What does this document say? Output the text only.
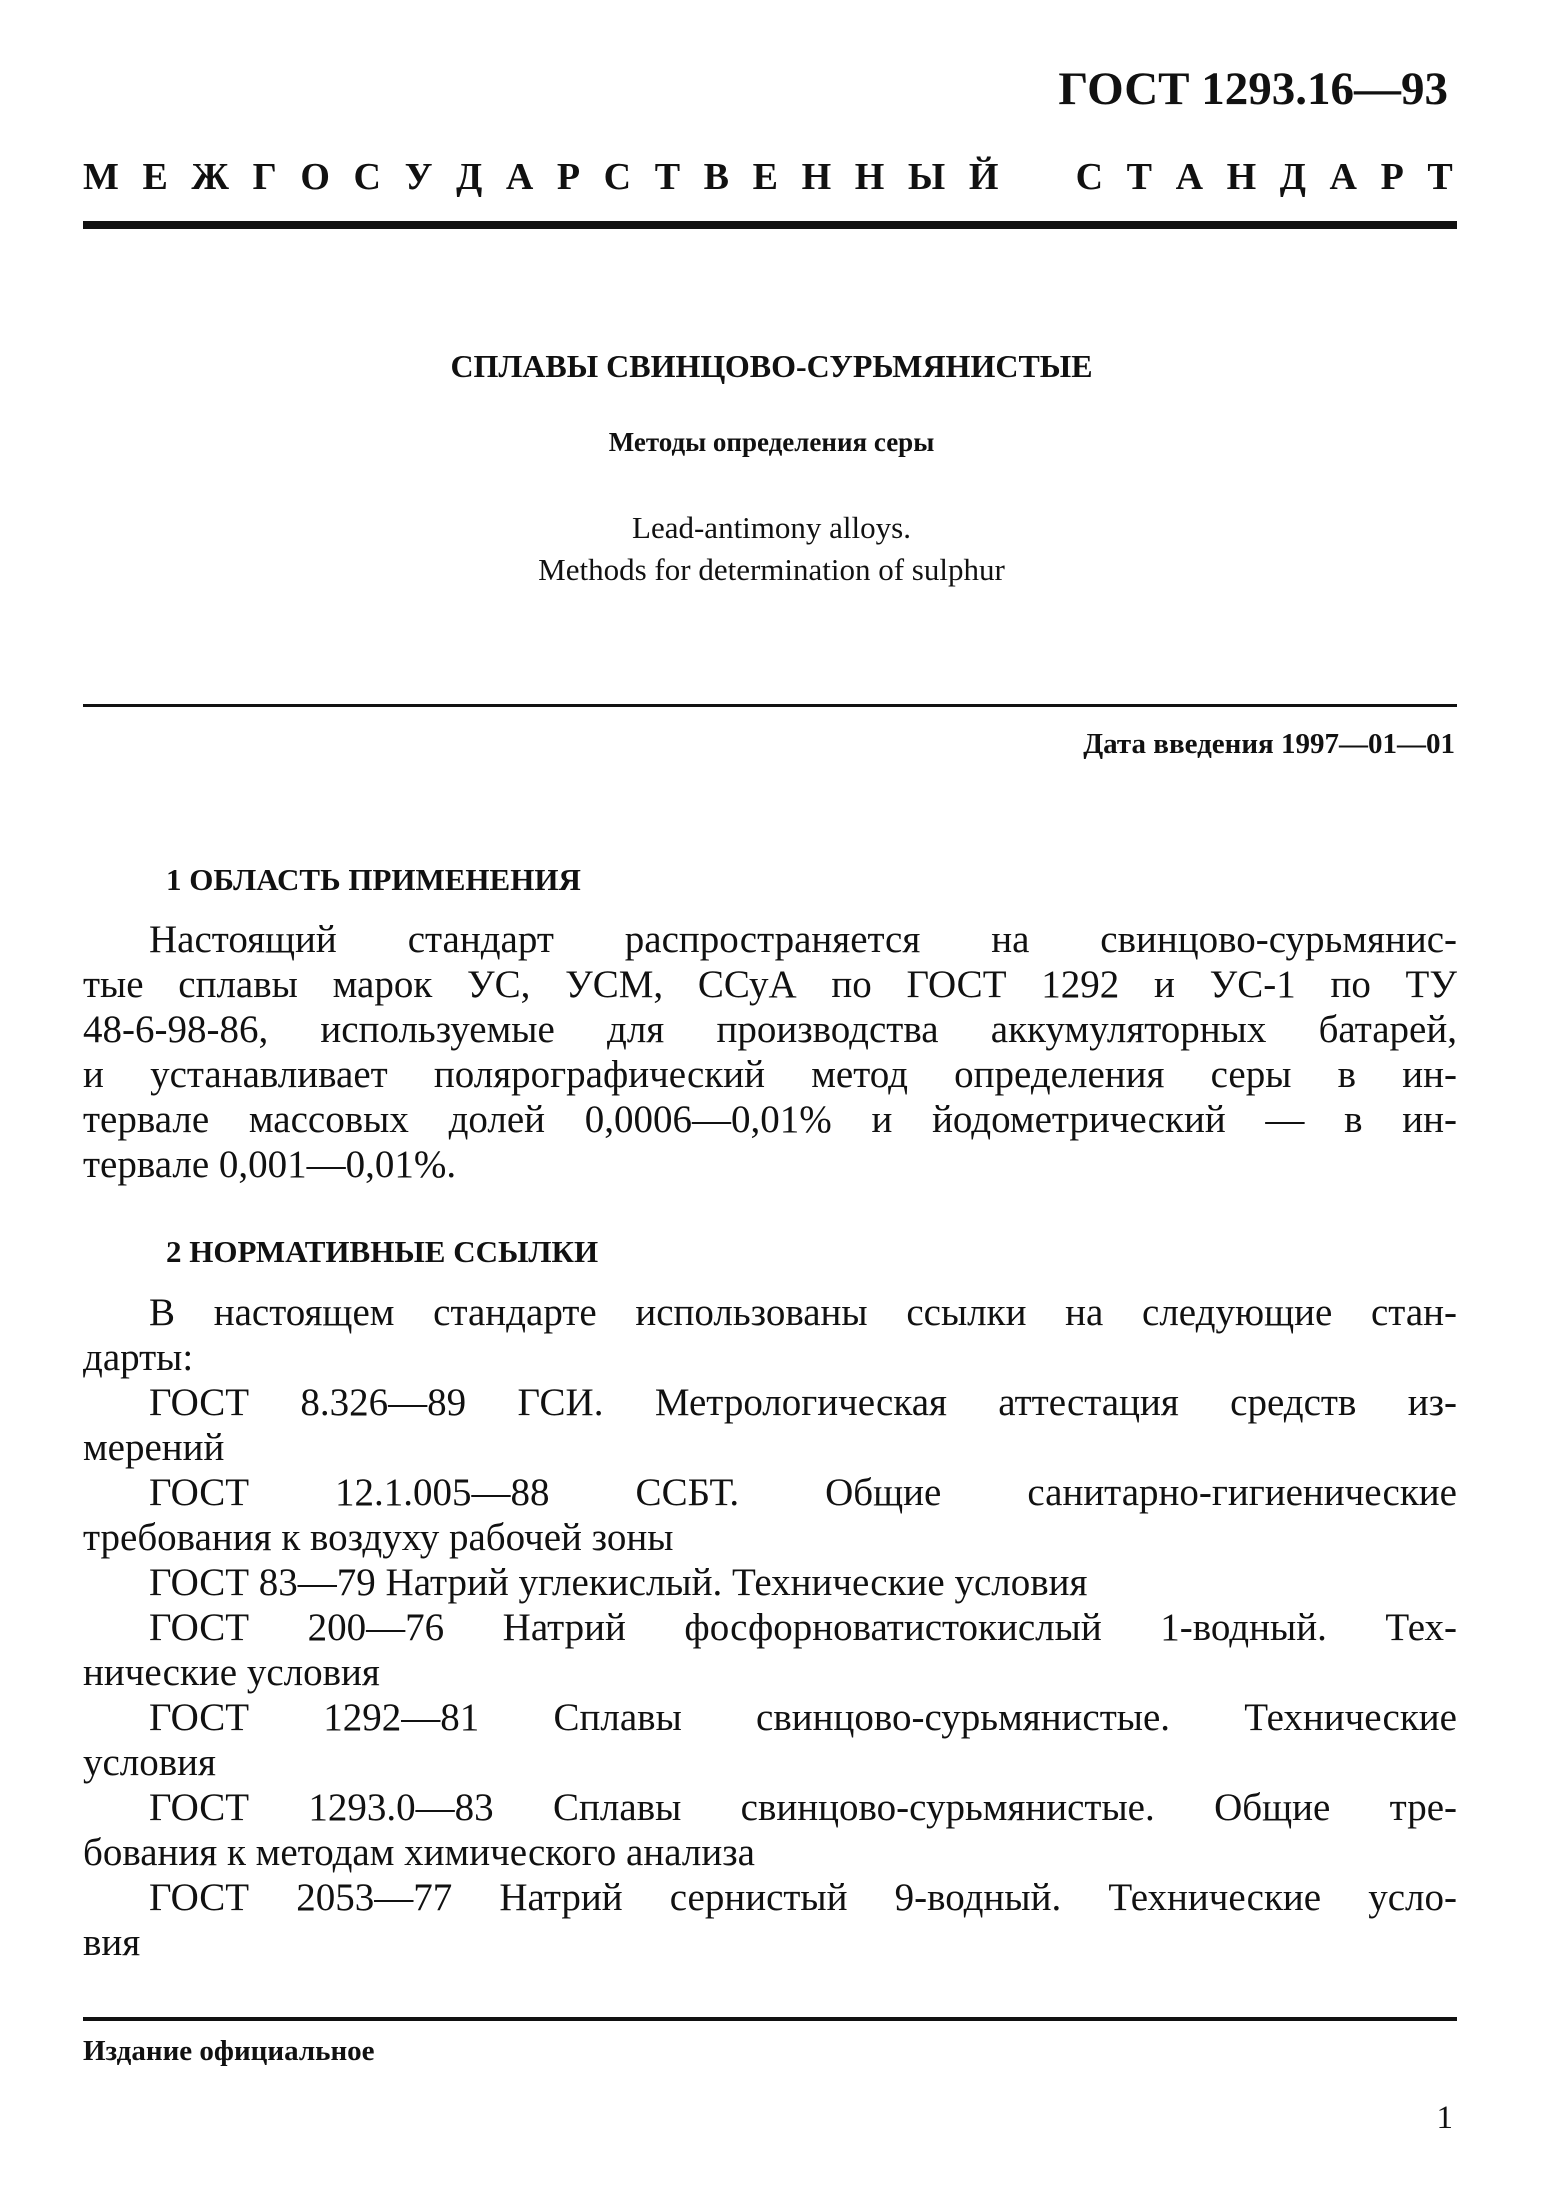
ГОСТ 1293.16—93
М Е Ж Г О С У Д А Р С Т В Е Н Н Ы Й С Т А Н Д А Р Т
СПЛАВЫ СВИНЦОВО-СУРЬМЯНИСТЫЕ
Методы определения серы
Lead-antimony alloys.
Methods for determination of sulphur
Дата введения 1997—01—01
1 ОБЛАСТЬ ПРИМЕНЕНИЯ
Настоящий стандарт распространяется на свинцово-сурьмянис-
тые сплавы марок УС, УСМ, ССуА по ГОСТ 1292 и УС-1 по ТУ
48-6-98-86, используемые для производства аккумуляторных батарей,
и устанавливает полярографический метод определения серы в ин-
тервале массовых долей 0,0006—0,01% и йодометрический — в ин-
тервале 0,001—0,01%.
2 НОРМАТИВНЫЕ ССЫЛКИ
В настоящем стандарте использованы ссылки на следующие стан-
дарты:
ГОСТ 8.326—89 ГСИ. Метрологическая аттестация средств из-
мерений
ГОСТ 12.1.005—88 ССБТ. Общие санитарно-гигиенические
требования к воздуху рабочей зоны
ГОСТ 83—79 Натрий углекислый. Технические условия
ГОСТ 200—76 Натрий фосфорноватистокислый 1-водный. Тех-
нические условия
ГОСТ 1292—81 Сплавы свинцово-сурьмянистые. Технические
условия
ГОСТ 1293.0—83 Сплавы свинцово-сурьмянистые. Общие тре-
бования к методам химического анализа
ГОСТ 2053—77 Натрий сернистый 9-водный. Технические усло-
вия
Издание официальное
1
